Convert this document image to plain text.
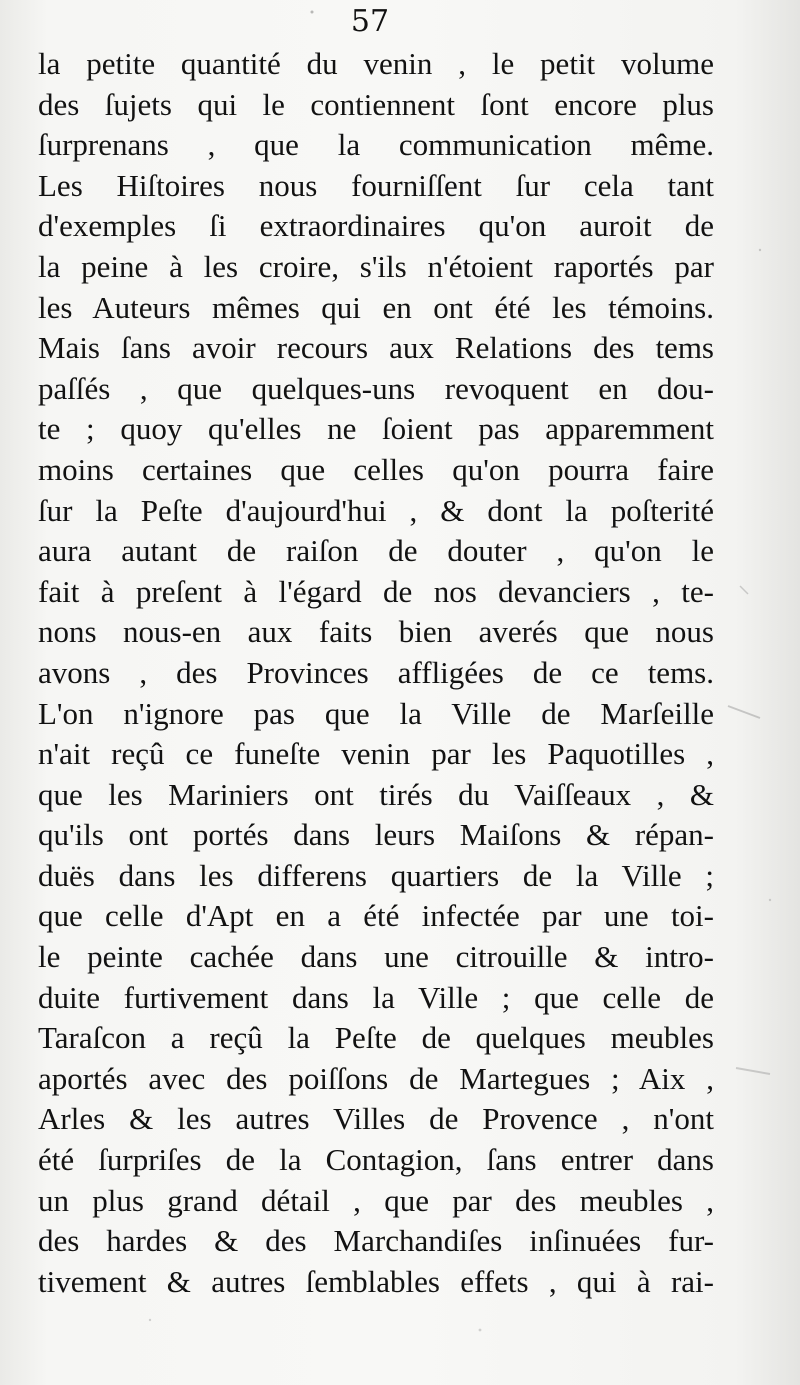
57
la petite quantité du venin , le petit volume
des ſujets qui le contiennent ſont encore plus
ſurprenans , que la communication même.
Les Hiſtoires nous fourniſſent ſur cela tant
d'exemples ſi extraordinaires qu'on auroit de
la peine à les croire, s'ils n'étoient raportés par
les Auteurs mêmes qui en ont été les témoins.
Mais ſans avoir recours aux Relations des tems
paſſés , que quelques-uns revoquent en dou-
te ; quoy qu'elles ne ſoient pas apparemment
moins certaines que celles qu'on pourra faire
ſur la Peſte d'aujourd'hui , & dont la poſterité
aura autant de raiſon de douter , qu'on le
fait à preſent à l'égard de nos devanciers , te-
nons nous-en aux faits bien averés que nous
avons , des Provinces affligées de ce tems.
L'on n'ignore pas que la Ville de Marſeille
n'ait reçû ce funeſte venin par les Paquotilles ,
que les Mariniers ont tirés du Vaiſſeaux , &
qu'ils ont portés dans leurs Maiſons & répan-
duës dans les differens quartiers de la Ville ;
que celle d'Apt en a été infectée par une toi-
le peinte cachée dans une citrouille & intro-
duite furtivement dans la Ville ; que celle de
Taraſcon a reçû la Peſte de quelques meubles
aportés avec des poiſſons de Martegues ; Aix ,
Arles & les autres Villes de Provence , n'ont
été ſurpriſes de la Contagion, ſans entrer dans
un plus grand détail , que par des meubles ,
des hardes & des Marchandiſes inſinuées fur-
tivement & autres ſemblables effets , qui à rai-
